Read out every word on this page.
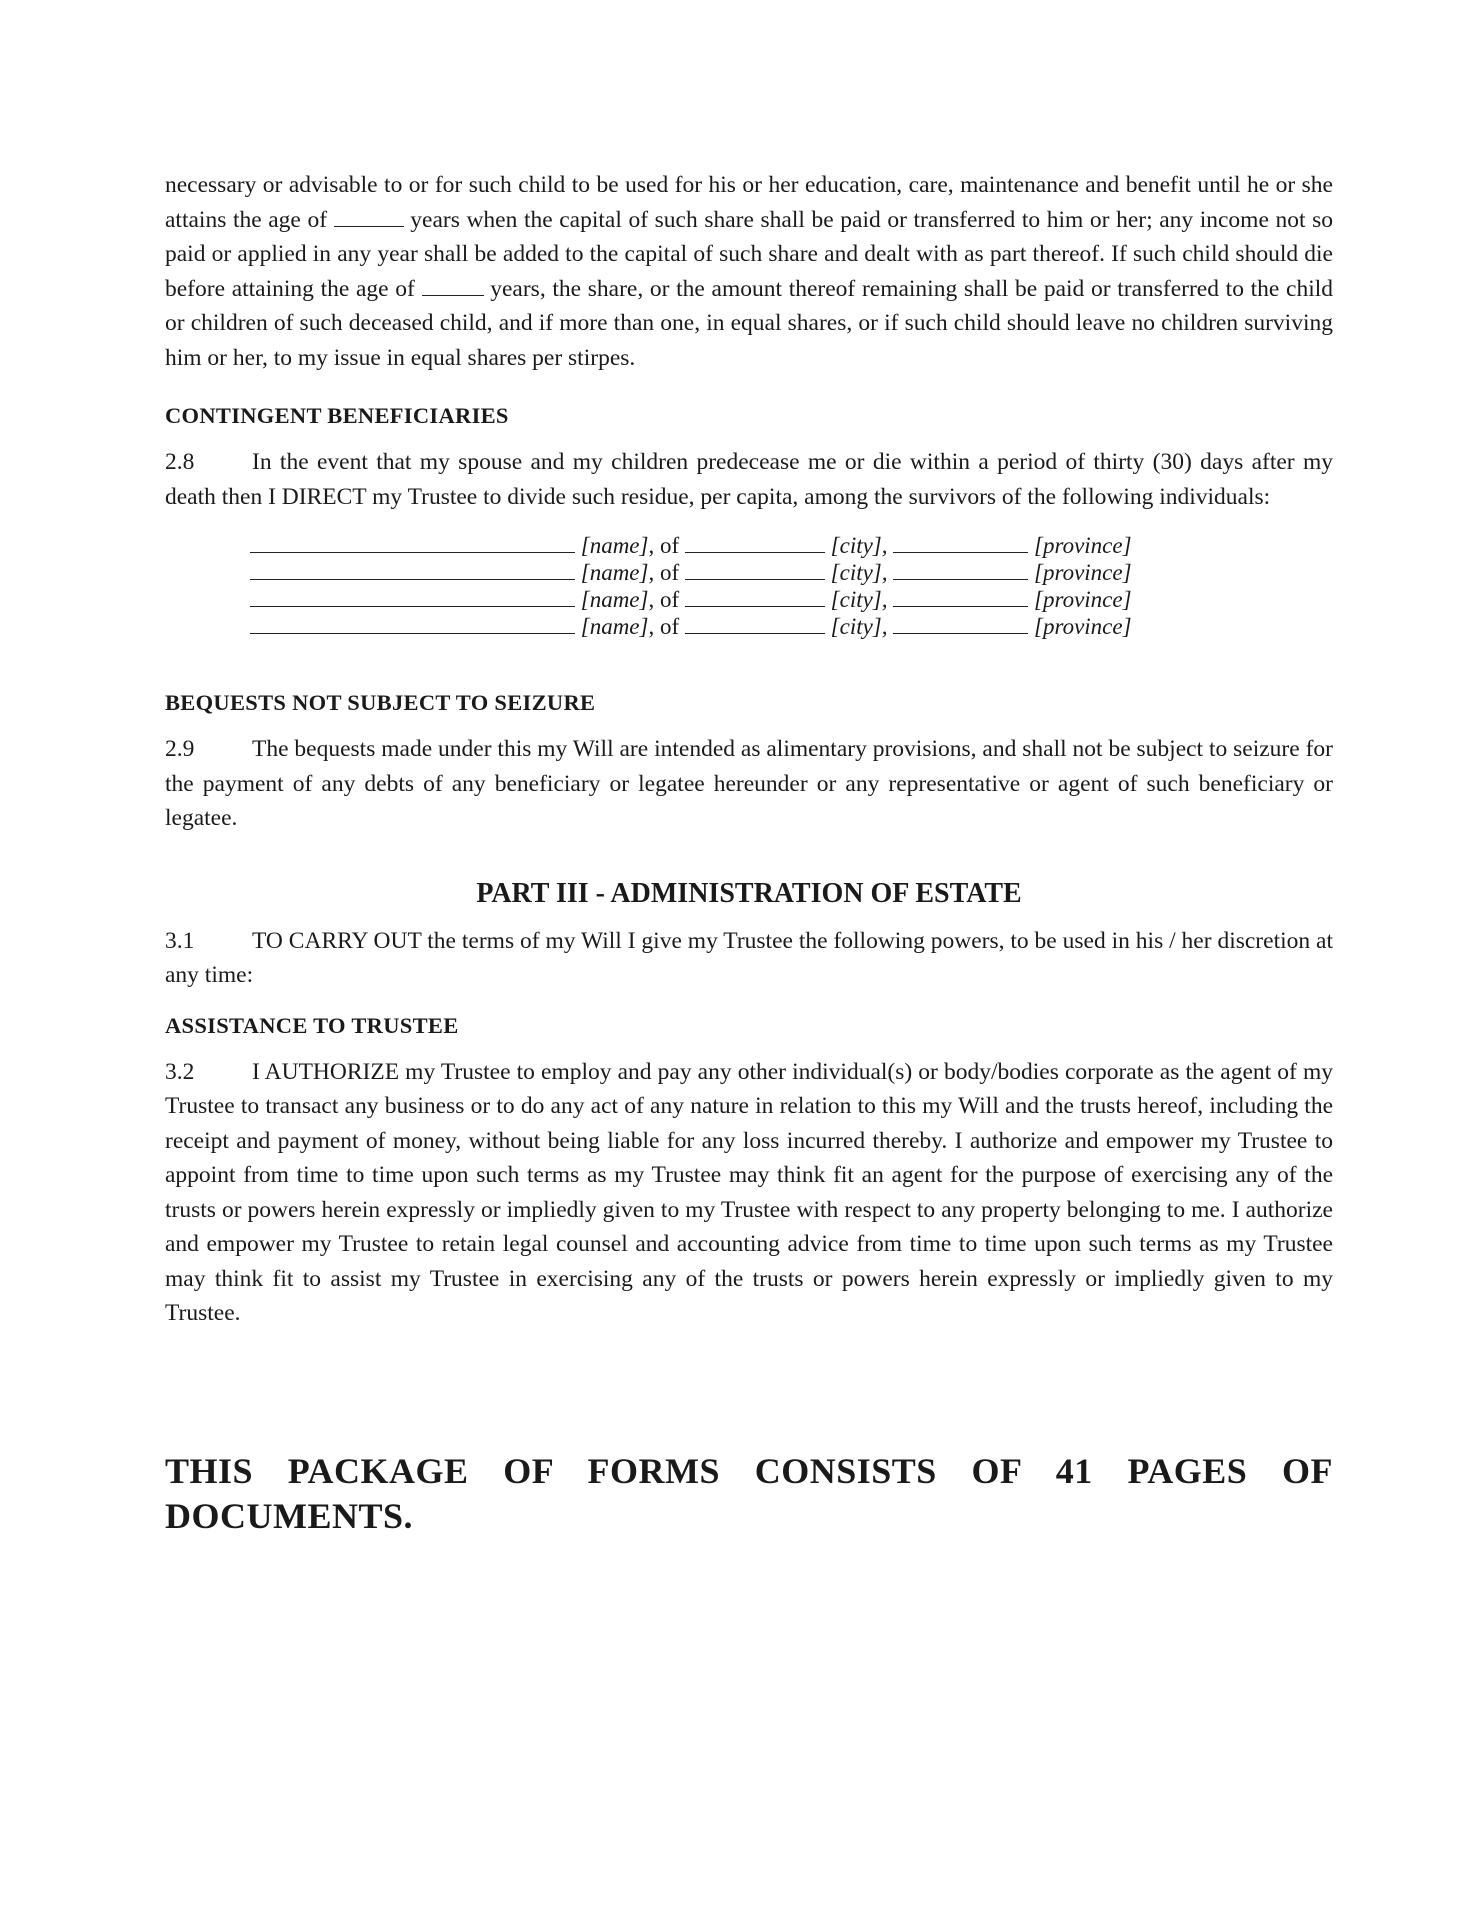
necessary or advisable to or for such child to be used for his or her education, care, maintenance and benefit until he or she attains the age of	years when the capital of such share shall be paid or transferred to him or her; any income not so paid or applied in any year shall be added to the capital of such share and dealt with as part thereof. If such child should die before attaining the age of	years, the share, or the amount thereof remaining shall be paid or transferred to the child or children of such deceased child, and if more than one, in equal shares, or if such child should leave no children surviving him or her, to my issue in equal shares per stirpes.

CONTINGENT BENEFICIARIES

2.8 In the event that my spouse and my children predecease me or die within a period of thirty (30) days after my death then I DIRECT my Trustee to divide such residue, per capita, among the survivors of the following individuals:

[name], of	[city],	[province]
[name], of	[city],	[province]
[name], of	[city],	[province]
[name], of	[city],	[province]
BEQUESTS NOT SUBJECT TO SEIZURE

2.9 The bequests made under this my Will are intended as alimentary provisions, and shall not be subject to seizure for the payment of any debts of any beneficiary or legatee hereunder or any representative or agent of such beneficiary or legatee.

PART III - ADMINISTRATION OF ESTATE

3.1 TO CARRY OUT the terms of my Will I give my Trustee the following powers, to be used in his / her discretion at any time:

ASSISTANCE TO TRUSTEE

3.2 I AUTHORIZE my Trustee to employ and pay any other individual(s) or body/bodies corporate as the agent of my Trustee to transact any business or to do any act of any nature in relation to this my Will and the trusts hereof, including the receipt and payment of money, without being liable for any loss incurred thereby. I authorize and empower my Trustee to appoint from time to time upon such terms as my Trustee may think fit an agent for the purpose of exercising any of the trusts or powers herein expressly or impliedly given to my Trustee with respect to any property belonging to me. I authorize and empower my Trustee to retain legal counsel and accounting advice from time to time upon such terms as my Trustee may think fit to assist my Trustee in exercising any of the trusts or powers herein expressly or impliedly given to my Trustee.

THIS PACKAGE OF FORMS CONSISTS OF 41 PAGES OF DOCUMENTS.
